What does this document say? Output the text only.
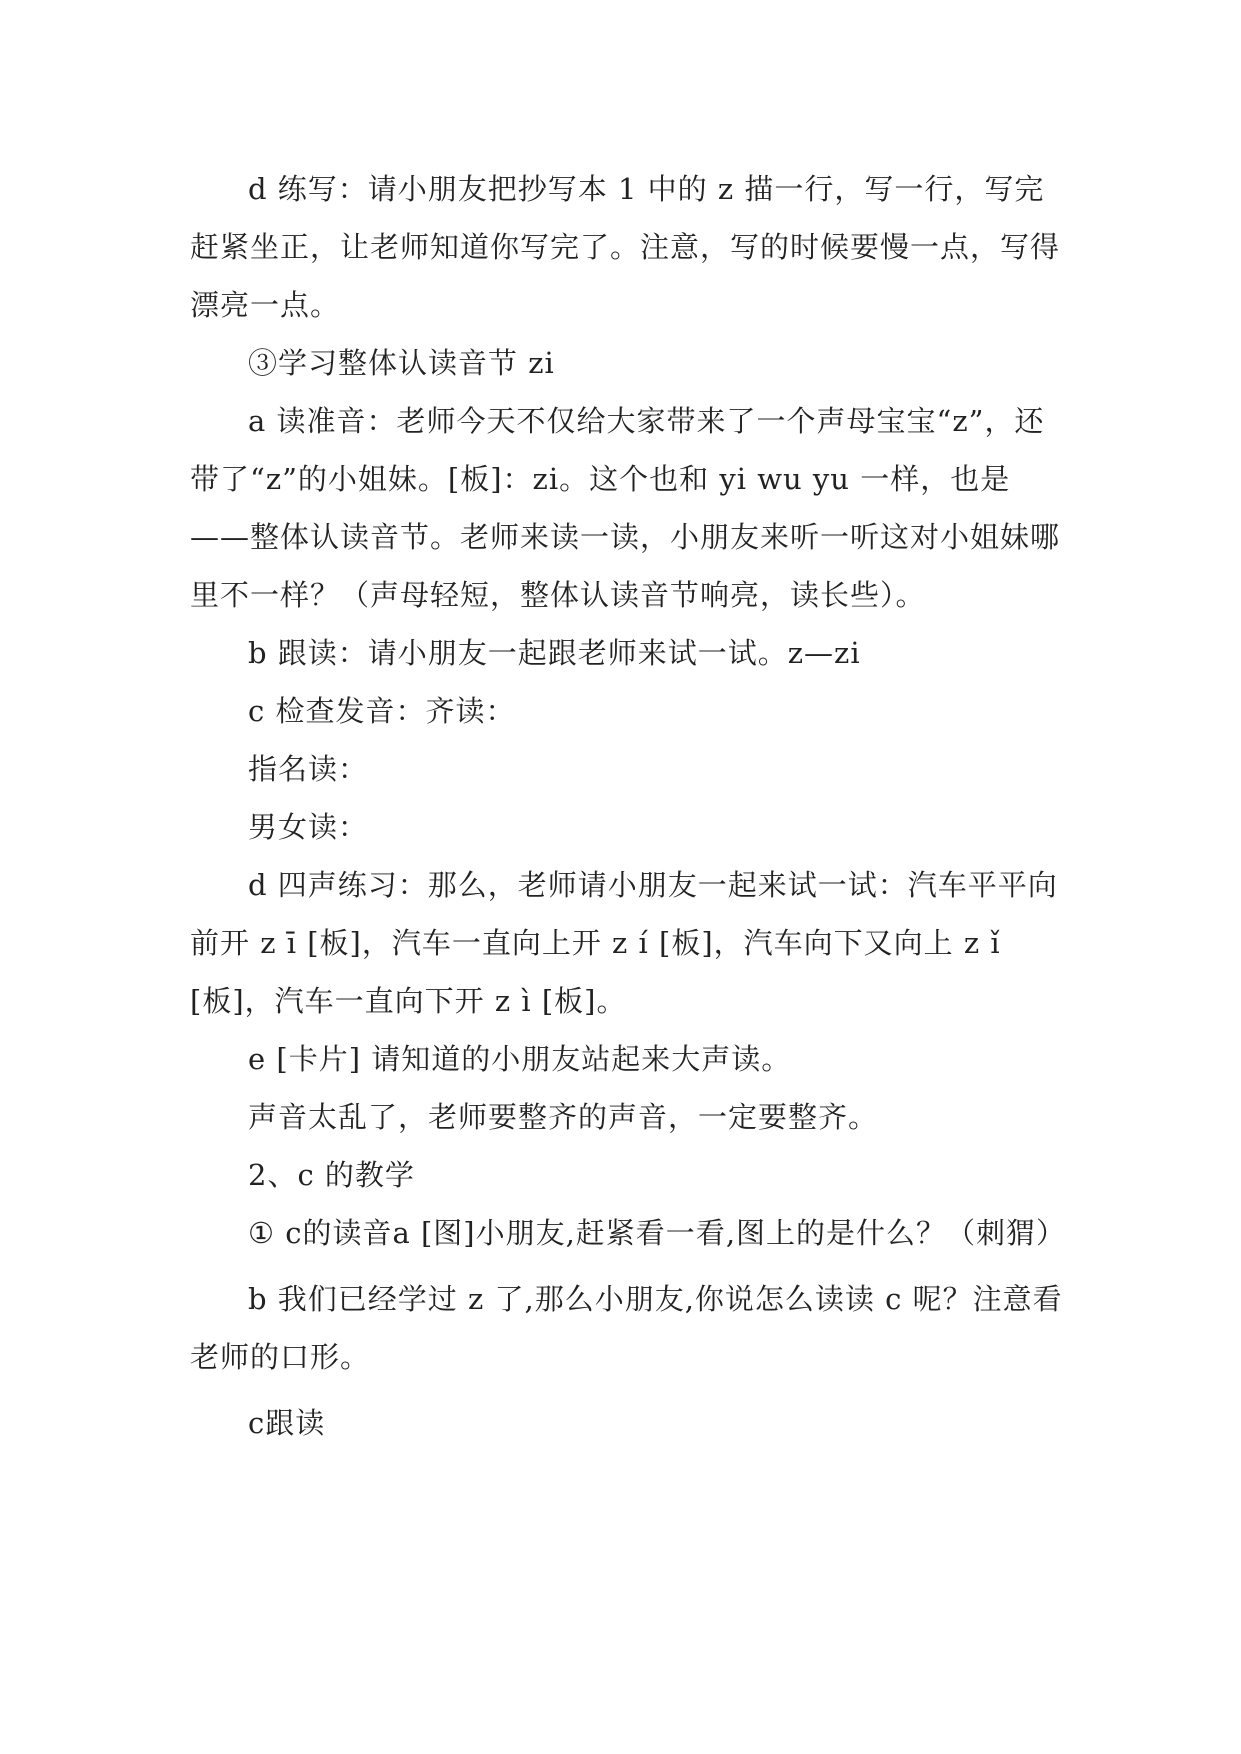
d 练写：请小朋友把抄写本 1 中的 z 描一行，写一行，写完赶紧坐正，让老师知道你写完了。注意，写的时候要慢一点，写得漂亮一点。

③学习整体认读音节 zi

a 读准音：老师今天不仅给大家带来了一个声母宝宝“z”，还带了“z”的小姐妹。[板]：zi。这个也和 yi wu yu 一样，也是——整体认读音节。老师来读一读，小朋友来听一听这对小姐妹哪里不一样？（声母轻短，整体认读音节响亮，读长些）。

b 跟读：请小朋友一起跟老师来试一试。z—zi

c 检查发音：齐读：

指名读：

男女读：

d 四声练习：那么，老师请小朋友一起来试一试：汽车平平向前开 z ī [板]，汽车一直向上开 z í [板]，汽车向下又向上 z ǐ [板]，汽车一直向下开 z ì [板]。

e [卡片] 请知道的小朋友站起来大声读。

声音太乱了，老师要整齐的声音，一定要整齐。

2、c 的教学

① c的读音a [图]小朋友,赶紧看一看,图上的是什么？（刺猬）

b 我们已经学过 z 了,那么小朋友,你说怎么读读 c 呢？注意看老师的口形。

c跟读
